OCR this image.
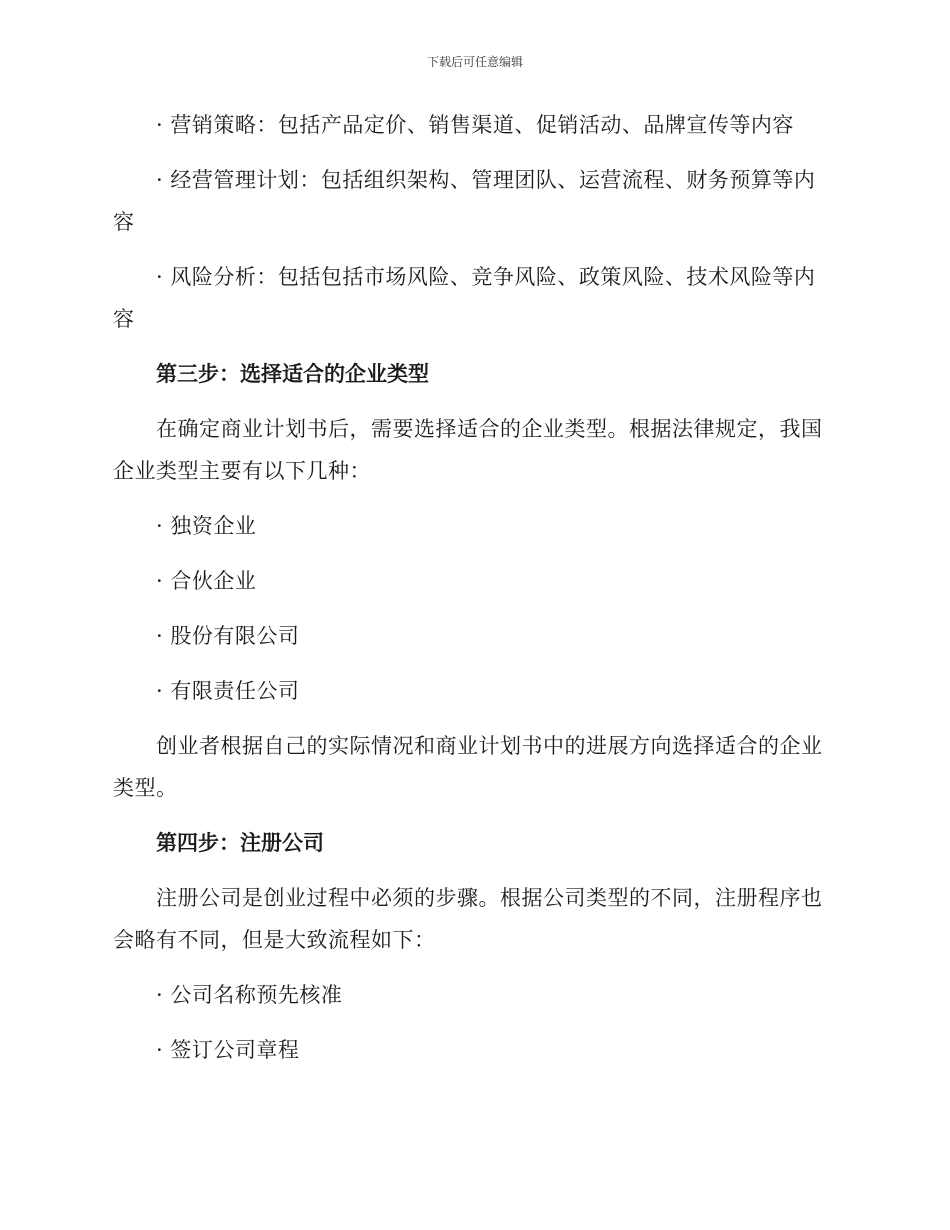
下载后可任意编辑

· 营销策略：包括产品定价、销售渠道、促销活动、品牌宣传等内容

· 经营管理计划：包括组织架构、管理团队、运营流程、财务预算等内容

· 风险分析：包括包括市场风险、竞争风险、政策风险、技术风险等内容

第三步：选择适合的企业类型

在确定商业计划书后，需要选择适合的企业类型。根据法律规定，我国企业类型主要有以下几种：

· 独资企业

· 合伙企业

· 股份有限公司

· 有限责任公司

创业者根据自己的实际情况和商业计划书中的进展方向选择适合的企业类型。

第四步：注册公司

注册公司是创业过程中必须的步骤。根据公司类型的不同，注册程序也会略有不同，但是大致流程如下：

· 公司名称预先核准

· 签订公司章程
